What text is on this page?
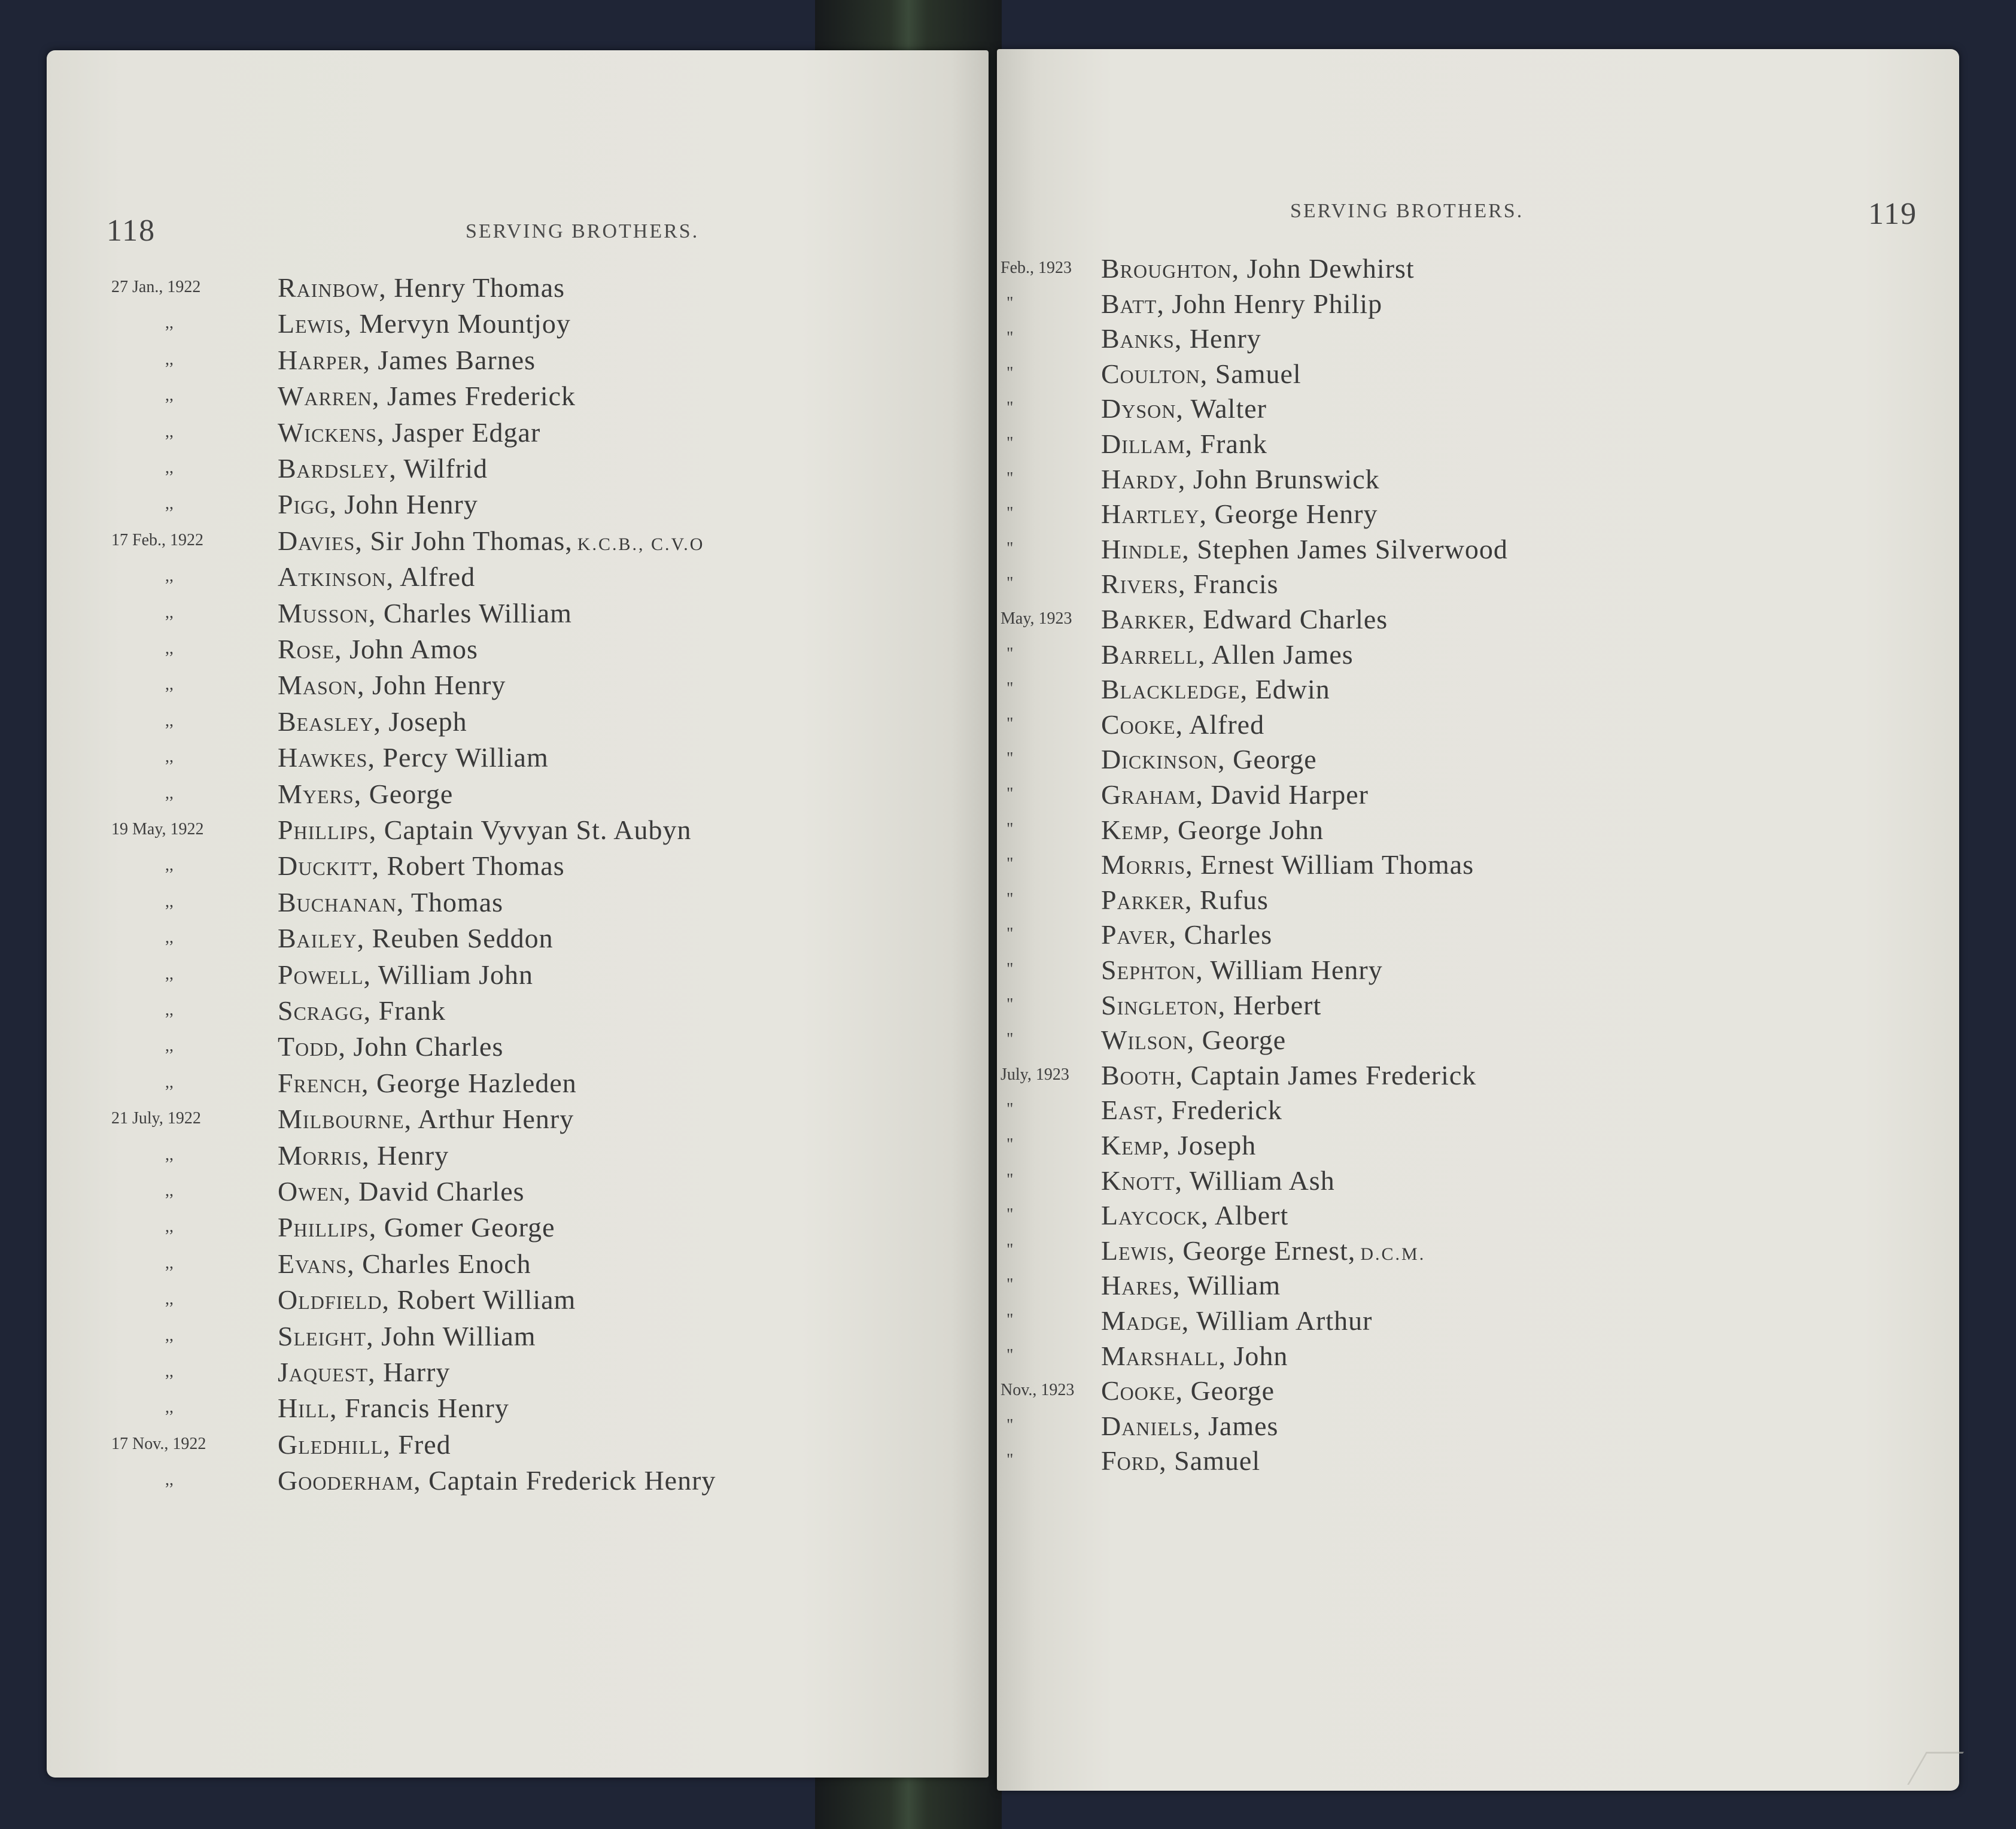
118	SERVING BROTHERS.
27 Jan., 1922	Rainbow, Henry Thomas
,,	Lewis, Mervyn Mountjoy
,,	Harper, James Barnes
,,	Warren, James Frederick
,,	Wickens, Jasper Edgar
,,	Bardsley, Wilfrid
,,	Pigg, John Henry
17 Feb., 1922	Davies, Sir John Thomas, K.C.B., C.V.O
,,	Atkinson, Alfred
,,	Musson, Charles William
,,	Rose, John Amos
,,	Mason, John Henry
,,	Beasley, Joseph
,,	Hawkes, Percy William
,,	Myers, George
19 May, 1922	Phillips, Captain Vyvyan St. Aubyn
,,	Duckitt, Robert Thomas
,,	Buchanan, Thomas
,,	Bailey, Reuben Seddon
,,	Powell, William John
,,	Scragg, Frank
,,	Todd, John Charles
,,	French, George Hazleden
21 July, 1922	Milbourne, Arthur Henry
,,	Morris, Henry
,,	Owen, David Charles
,,	Phillips, Gomer George
,,	Evans, Charles Enoch
,,	Oldfield, Robert William
,,	Sleight, John William
,,	Jaquest, Harry
,,	Hill, Francis Henry
17 Nov., 1922	Gledhill, Fred
,,	Gooderham, Captain Frederick Henry
SERVING BROTHERS.	119
Feb., 1923 Broughton, John Dewhirst
"	Batt, John Henry Philip
"	Banks, Henry
"	Coulton, Samuel
"	Dyson, Walter
"	Dillam, Frank
"	Hardy, John Brunswick
"	Hartley, George Henry
"	Hindle, Stephen James Silverwood
"	Rivers, Francis
May, 1923 Barker, Edward Charles
"	Barrell, Allen James
"	Blackledge, Edwin
"	Cooke, Alfred
"	Dickinson, George
"	Graham, David Harper
"	Kemp, George John
"	Morris, Ernest William Thomas
"	Parker, Rufus
"	Paver, Charles
"	Sephton, William Henry
"	Singleton, Herbert
"	Wilson, George
July, 1923 Booth, Captain James Frederick
"	East, Frederick
"	Kemp, Joseph
"	Knott, William Ash
"	Laycock, Albert
"	Lewis, George Ernest, D.C.M.
"	Hares, William
"	Madge, William Arthur
"	Marshall, John
Nov., 1923 Cooke, George
"	Daniels, James
"	Ford, Samuel
